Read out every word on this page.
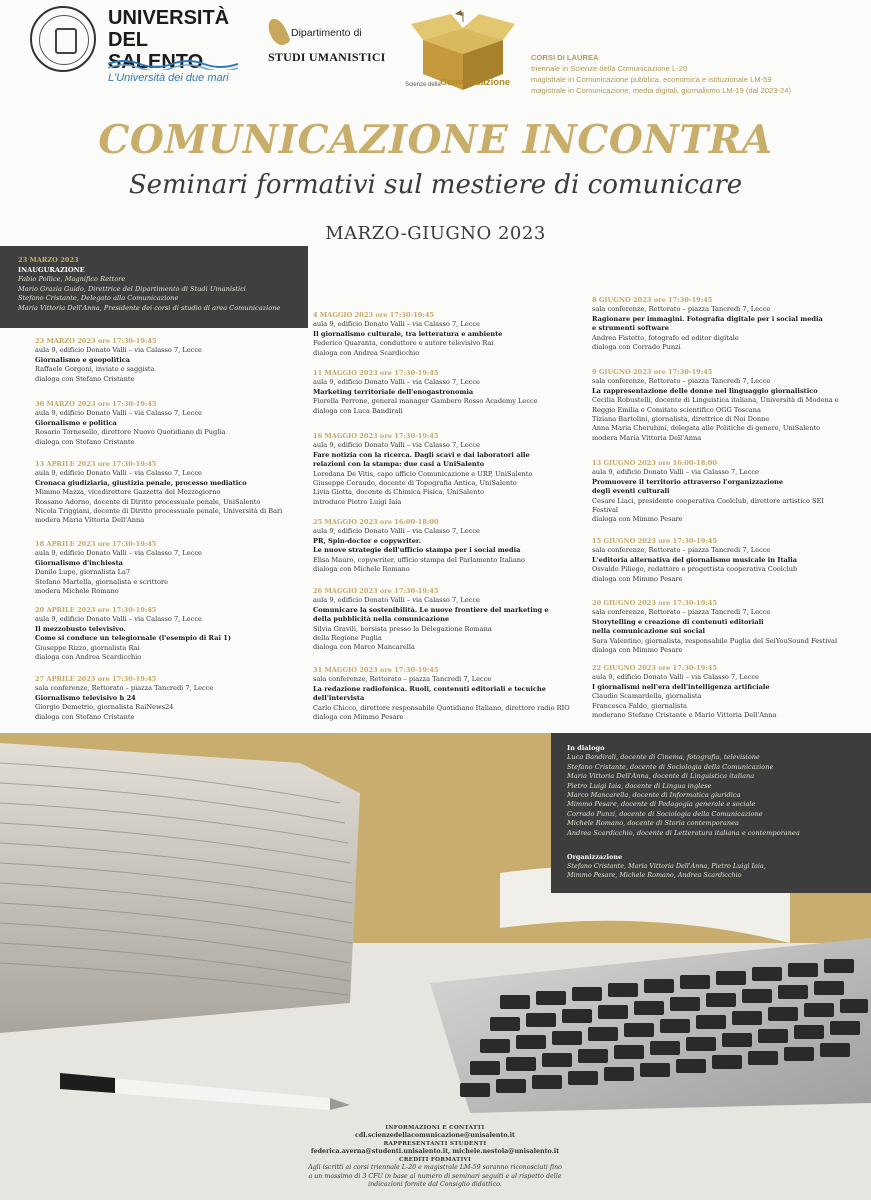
UNIVERSITÀ
DEL SALENTO
L'Università dei due mari
Dipartimento di
STUDI UMANISTICI
Scienze della Comunicazione
CORSI DI LAUREA
triennale in Scienze della Comunicazione L-20
magistrale in Comunicazione pubblica, economica e istituzionale LM-59
magistrale in Comunicazione, media digitali, giornalismo LM-19 (dal 2023-24)
COMUNICAZIONE INCONTRA
Seminari formativi sul mestiere di comunicare
MARZO-GIUGNO 2023
23 MARZO 2023
INAUGURAZIONE
Fabio Pollice, Magnifico Rettore
Mario Grazia Guido, Direttrice del Dipartimento di Studi Umanistici
Stefano Cristante, Delegato alla Comunicazione
Maria Vittoria Dell'Anna, Presidente dei corsi di studio di area Comunicazione
23 MARZO 2023 ore 17:30-19:45
aula 9, edificio Donato Valli – via Calasso 7, Lecce
Giornalismo e geopolitica
Raffaele Gorgoni, inviato e saggista
dialoga con Stefano Cristante
30 MARZO 2023 ore 17:30-19:45
aula 9, edificio Donato Valli – via Calasso 7, Lecce
Giornalismo e politica
Rosario Tornesello, direttore Nuovo Quotidiano di Puglia
dialoga con Stefano Cristante
13 APRILE 2023 ore 17:30-19:45
aula 9, edificio Donato Valli – via Calasso 7, Lecce
Cronaca giudiziaria, giustizia penale, processo mediatico
Mimmo Mazza, vicedirettore Gazzetta del Mezzogiorno
Rossano Adorno, docente di Diritto processuale penale, UniSalento
Nicola Triggiani, docente di Diritto processuale penale, Università di Bari
modera Maria Vittoria Dell'Anna
18 APRILE 2023 ore 17:30-19:45
aula 9, edificio Donato Valli – via Calasso 7, Lecce
Giornalismo d'inchiesta
Danilo Lupo, giornalista La7
Stefano Martella, giornalista e scrittore
modera Michele Romano
20 APRILE 2023 ore 17:30-19:45
aula 9, edificio Donato Valli – via Calasso 7, Lecce
Il mezzobusto televisivo.
Come si conduce un telegiornale (l'esempio di Rai 1)
Giuseppe Rizzo, giornalista Rai
dialoga con Andrea Scardicchio
27 APRILE 2023 ore 17:30-19:45
sala conferenze, Rettorato – piazza Tancredi 7, Lecce
Giornalismo televisivo h 24
Giorgio Demetrio, giornalista RaiNews24
dialoga con Stefano Cristante
4 MAGGIO 2023 ore 17:30-19:45
aula 9, edificio Donato Valli – via Calasso 7, Lecce
Il giornalismo culturale, tra letteratura e ambiente
Federico Quaranta, conduttore e autore televisivo Rai
dialoga con Andrea Scardicchio
11 MAGGIO 2023 ore 17:30-19:45
aula 9, edificio Donato Valli – via Calasso 7, Lecce
Marketing territoriale dell'enogastronomia
Fiorella Perrone, general manager Gambero Rosso Academy Lecce
dialoga con Luca Bandirali
16 MAGGIO 2023 ore 17:30-19:45
aula 9, edificio Donato Valli – via Calasso 7, Lecce
Fare notizia con la ricerca. Dagli scavi e dai laboratori alle
relazioni con la stampa: due casi a UniSalento
Loredana De Vitis, capo ufficio Comunicazione e URP, UniSalento
Giuseppe Ceraudo, docente di Topografia Antica, UniSalento
Livia Giotta, docente di Chimica Fisica, UniSalento
introduce Pietro Luigi Iaia
25 MAGGIO 2023 ore 16:00-18:00
aula 9, edificio Donato Valli – via Calasso 7, Lecce
PR, Spin-doctor e copywriter.
Le nuove strategie dell'ufficio stampa per i social media
Elisa Mauro, copywriter, ufficio stampa del Parlamento Italiano
dialoga con Michele Romano
26 MAGGIO 2023 ore 17:30-19:45
aula 9, edificio Donato Valli – via Calasso 7, Lecce
Comunicare la sostenibilità. Le nuove frontiere del marketing e
della pubblicità nella comunicazione
Silvia Gravili, borsista presso la Delegazione Romana
della Regione Puglia
dialoga con Marco Mancarella
31 MAGGIO 2023 ore 17:30-19:45
sala conferenze, Rettorato – piazza Tancredi 7, Lecce
La redazione radiofonica. Ruoli, contenuti editoriali e tecniche
dell'intervista
Carlo Chicco, direttore responsabile Quotidiano Italiano, direttore radio RIO
dialoga con Mimmo Pesare
8 GIUGNO 2023 ore 17:30-19:45
sala conferenze, Rettorato – piazza Tancredi 7, Lecce
Ragionare per immagini. Fotografia digitale per i social media
e strumenti software
Andrea Fistetto, fotografo ed editor digitale
dialoga con Corrado Punzi
9 GIUGNO 2023 ore 17:30-19:45
sala conferenze, Rettorato – piazza Tancredi 7, Lecce
La rappresentazione delle donne nel linguaggio giornalistico
Cecilia Robustelli, docente di Linguistica italiana, Università di Modena e
Reggio Emilia e Comitato scientifico OGG Toscana
Tiziana Bartolini, giornalista, direttrice di Noi Donne
Anna Maria Cherubini, delegata alle Politiche di genere, UniSalento
modera Maria Vittoria Dell'Anna
13 GIUGNO 2023 ore 16:00-18:00
aula 9, edificio Donato Valli – via Calasso 7, Lecce
Promuovere il territorio attraverso l'organizzazione
degli eventi culturali
Cesare Liaci, presidente cooperativa Coolclub, direttore artistico SEI
Festival
dialoga con Mimmo Pesare
15 GIUGNO 2023 ore 17:30-19:45
sala conferenze, Rettorato – piazza Tancredi 7, Lecce
L'editoria alternativa del giornalismo musicale in Italia
Osvaldo Piliego, redattore e progettista cooperativa Coolclub
dialoga con Mimmo Pesare
20 GIUGNO 2023 ore 17:30-19:45
sala conferenze, Rettorato – piazza Tancredi 7, Lecce
Storytelling e creazione di contenuti editoriali
nella comunicazione sui social
Sara Valentino, giornalista, responsabile Puglia del SeiYouSound Festival
dialoga con Mimmo Pesare
22 GIUGNO 2023 ore 17:30-19:45
aula 9, edificio Donato Valli – via Calasso 7, Lecce
I giornalismi nell'era dell'intelligenza artificiale
Claudio Scamardella, giornalista
Francesca Faldo, giornalista
moderano Stefano Cristante e Mario Vittoria Dell'Anna
In dialogo
Luca Bandirali, docente di Cinema, fotografia, televisione
Stefano Cristante, docente di Sociologia della Comunicazione
Maria Vittoria Dell'Anna, docente di Linguistica italiana
Pietro Luigi Iaia, docente di Lingua inglese
Marco Mancarella, docente di Informatica giuridica
Mimmo Pesare, docente di Pedagogia generale e sociale
Corrado Punzi, docente di Sociologia della Comunicazione
Michele Romano, docente di Storia contemporanea
Andrea Scardicchio, docente di Letteratura italiana e contemporanea
Organizzazione
Stefano Cristante, Maria Vittoria Dell'Anna, Pietro Luigi Iaia,
Mimmo Pesare, Michele Romano, Andrea Scardicchio
INFORMAZIONI E CONTATTI
cdl.scienzedellacomunicazione@unisalento.it
RAPPRESENTANTI STUDENTI
federica.averna@studenti.unisalento.it, michele.nestola@unisalento.it
CREDITI FORMATIVI
Agli iscritti ai corsi triennale L-20 e magistrale LM-59 saranno riconosciuti fino
a un massimo di 3 CFU in base al numero di seminari seguiti e al rispetto delle
indicazioni fornite dal Consiglio didattico.
